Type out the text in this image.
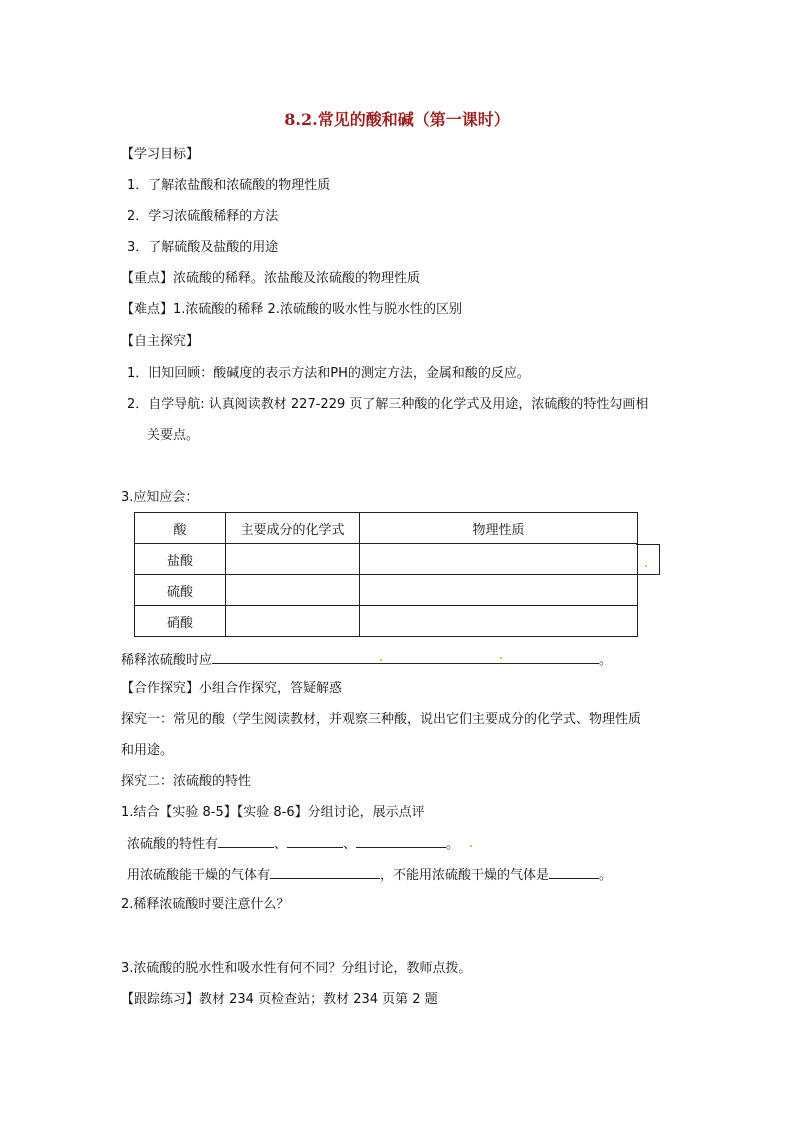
8.2.常见的酸和碱（第一课时）
【学习目标】
1．了解浓盐酸和浓硫酸的物理性质
2．学习浓硫酸稀释的方法
3．了解硫酸及盐酸的用途
【重点】浓硫酸的稀释。浓盐酸及浓硫酸的物理性质
【难点】1.浓硫酸的稀释 2.浓硫酸的吸水性与脱水性的区别
【自主探究】
1．旧知回顾：酸碱度的表示方法和PH的测定方法，金属和酸的反应。
2．自学导航: 认真阅读教材 227-229 页了解三种酸的化学式及用途，浓硫酸的特性勾画相
关要点。
3.应知应会：
酸	主要成分的化学式	物理性质
盐酸		
硫酸		
硝酸		
稀释浓硫酸时应	。
【合作探究】小组合作探究，答疑解惑
探究一：常见的酸（学生阅读教材，并观察三种酸，说出它们主要成分的化学式、物理性质
和用途。
探究二：浓硫酸的特性
1.结合【实验 8-5】【实验 8-6】分组讨论，展示点评
浓硫酸的特性有	、	、	。
用浓硫酸能干燥的气体有	，不能用浓硫酸干燥的气体是	。
2.稀释浓硫酸时要注意什么？
3.浓硫酸的脱水性和吸水性有何不同？分组讨论，教师点拨。
【跟踪练习】教材 234 页检查站；教材 234 页第 2 题
